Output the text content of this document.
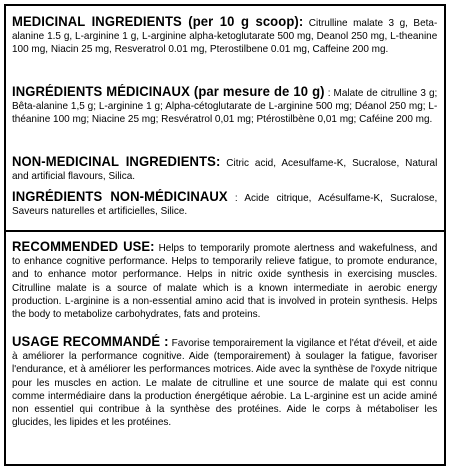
MEDICINAL INGREDIENTS (per 10 g scoop): Citrulline malate 3 g, Beta-alanine 1.5 g, L-arginine 1 g, L-arginine alpha-ketoglutarate 500 mg, Deanol 250 mg, L-theanine 100 mg, Niacin 25 mg, Resveratrol 0.01 mg, Pterostilbene 0.01 mg, Caffeine 200 mg.

INGRÉDIENTS MÉDICINAUX (par mesure de 10 g) : Malate de citrulline 3 g; Bêta-alanine 1,5 g; L-arginine 1 g; Alpha-cétoglutarate de L-arginine 500 mg; Déanol 250 mg; L-théanine 100 mg; Niacine 25 mg; Resvératrol 0,01 mg; Ptérostilbène 0,01 mg; Caféine 200 mg.

NON-MEDICINAL INGREDIENTS: Citric acid, Acesulfame-K, Sucralose, Natural and artificial flavours, Silica.

INGRÉDIENTS NON-MÉDICINAUX : Acide citrique, Acésulfame-K, Sucralose, Saveurs naturelles et artificielles, Silice.

RECOMMENDED USE: Helps to temporarily promote alertness and wakefulness, and to enhance cognitive performance. Helps to temporarily relieve fatigue, to promote endurance, and to enhance motor performance. Helps in nitric oxide synthesis in exercising muscles. Citrulline malate is a source of malate which is a known intermediate in aerobic energy production. L-arginine is a non-essential amino acid that is involved in protein synthesis. Helps the body to metabolize carbohydrates, fats and proteins.

USAGE RECOMMANDÉ : Favorise temporairement la vigilance et l'état d'éveil, et aide à améliorer la performance cognitive. Aide (temporairement) à soulager la fatigue, favoriser l'endurance, et à améliorer les performances motrices. Aide avec la synthèse de l'oxyde nitrique pour les muscles en action. Le malate de citrulline et une source de malate qui est connu comme intermédiaire dans la production énergétique aérobie. La L-arginine est un acide aminé non essentiel qui contribue à la synthèse des protéines. Aide le corps à métaboliser les glucides, les lipides et les protéines.
